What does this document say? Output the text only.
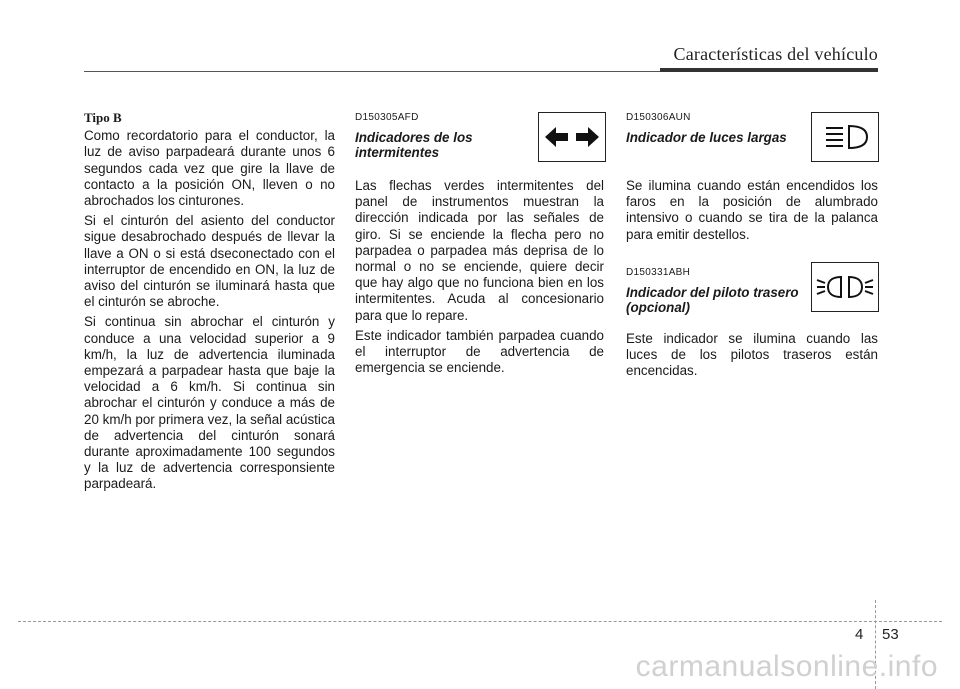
Características del vehículo
Tipo B

Como recordatorio para el conductor, la luz de aviso parpadeará durante unos 6 segundos cada vez que gire la llave de contacto a la posición ON, lleven o no abrochados los cinturones.

Si el cinturón del asiento del conductor sigue desabrochado después de llevar la llave a ON o si está dseconectado con el interruptor de encendido en ON, la luz de aviso del cinturón se iluminará hasta que el cinturón se abroche.

Si continua sin abrochar el cinturón y conduce a una velocidad superior a 9 km/h, la luz de advertencia iluminada empezará a parpadear hasta que baje la velocidad a 6 km/h. Si continua sin abrochar el cinturón y conduce a más de 20 km/h por primera vez, la señal acústica de advertencia del cinturón sonará durante aproximadamente 100 segundos y la luz de advertencia corresponsiente parpadeará.

D150305AFD
Indicadores de los intermitentes

Las flechas verdes intermitentes del panel de instrumentos muestran la dirección indicada por las señales de giro. Si se enciende la flecha pero no parpadea o parpadea más deprisa de lo normal o no se enciende, quiere decir que hay algo que no funciona bien en los intermitentes. Acuda al concesionario para que lo repare.

Este indicador también parpadea cuando el interruptor de advertencia de emergencia se enciende.

D150306AUN
Indicador de luces largas

Se ilumina cuando están encendidos los faros en la posición de alumbrado intensivo o cuando se tira de la palanca para emitir destellos.

D150331ABH
Indicador del piloto trasero (opcional)

Este indicador se ilumina cuando las luces de los pilotos traseros están encencidas.

4 53
carmanualsonline.info
